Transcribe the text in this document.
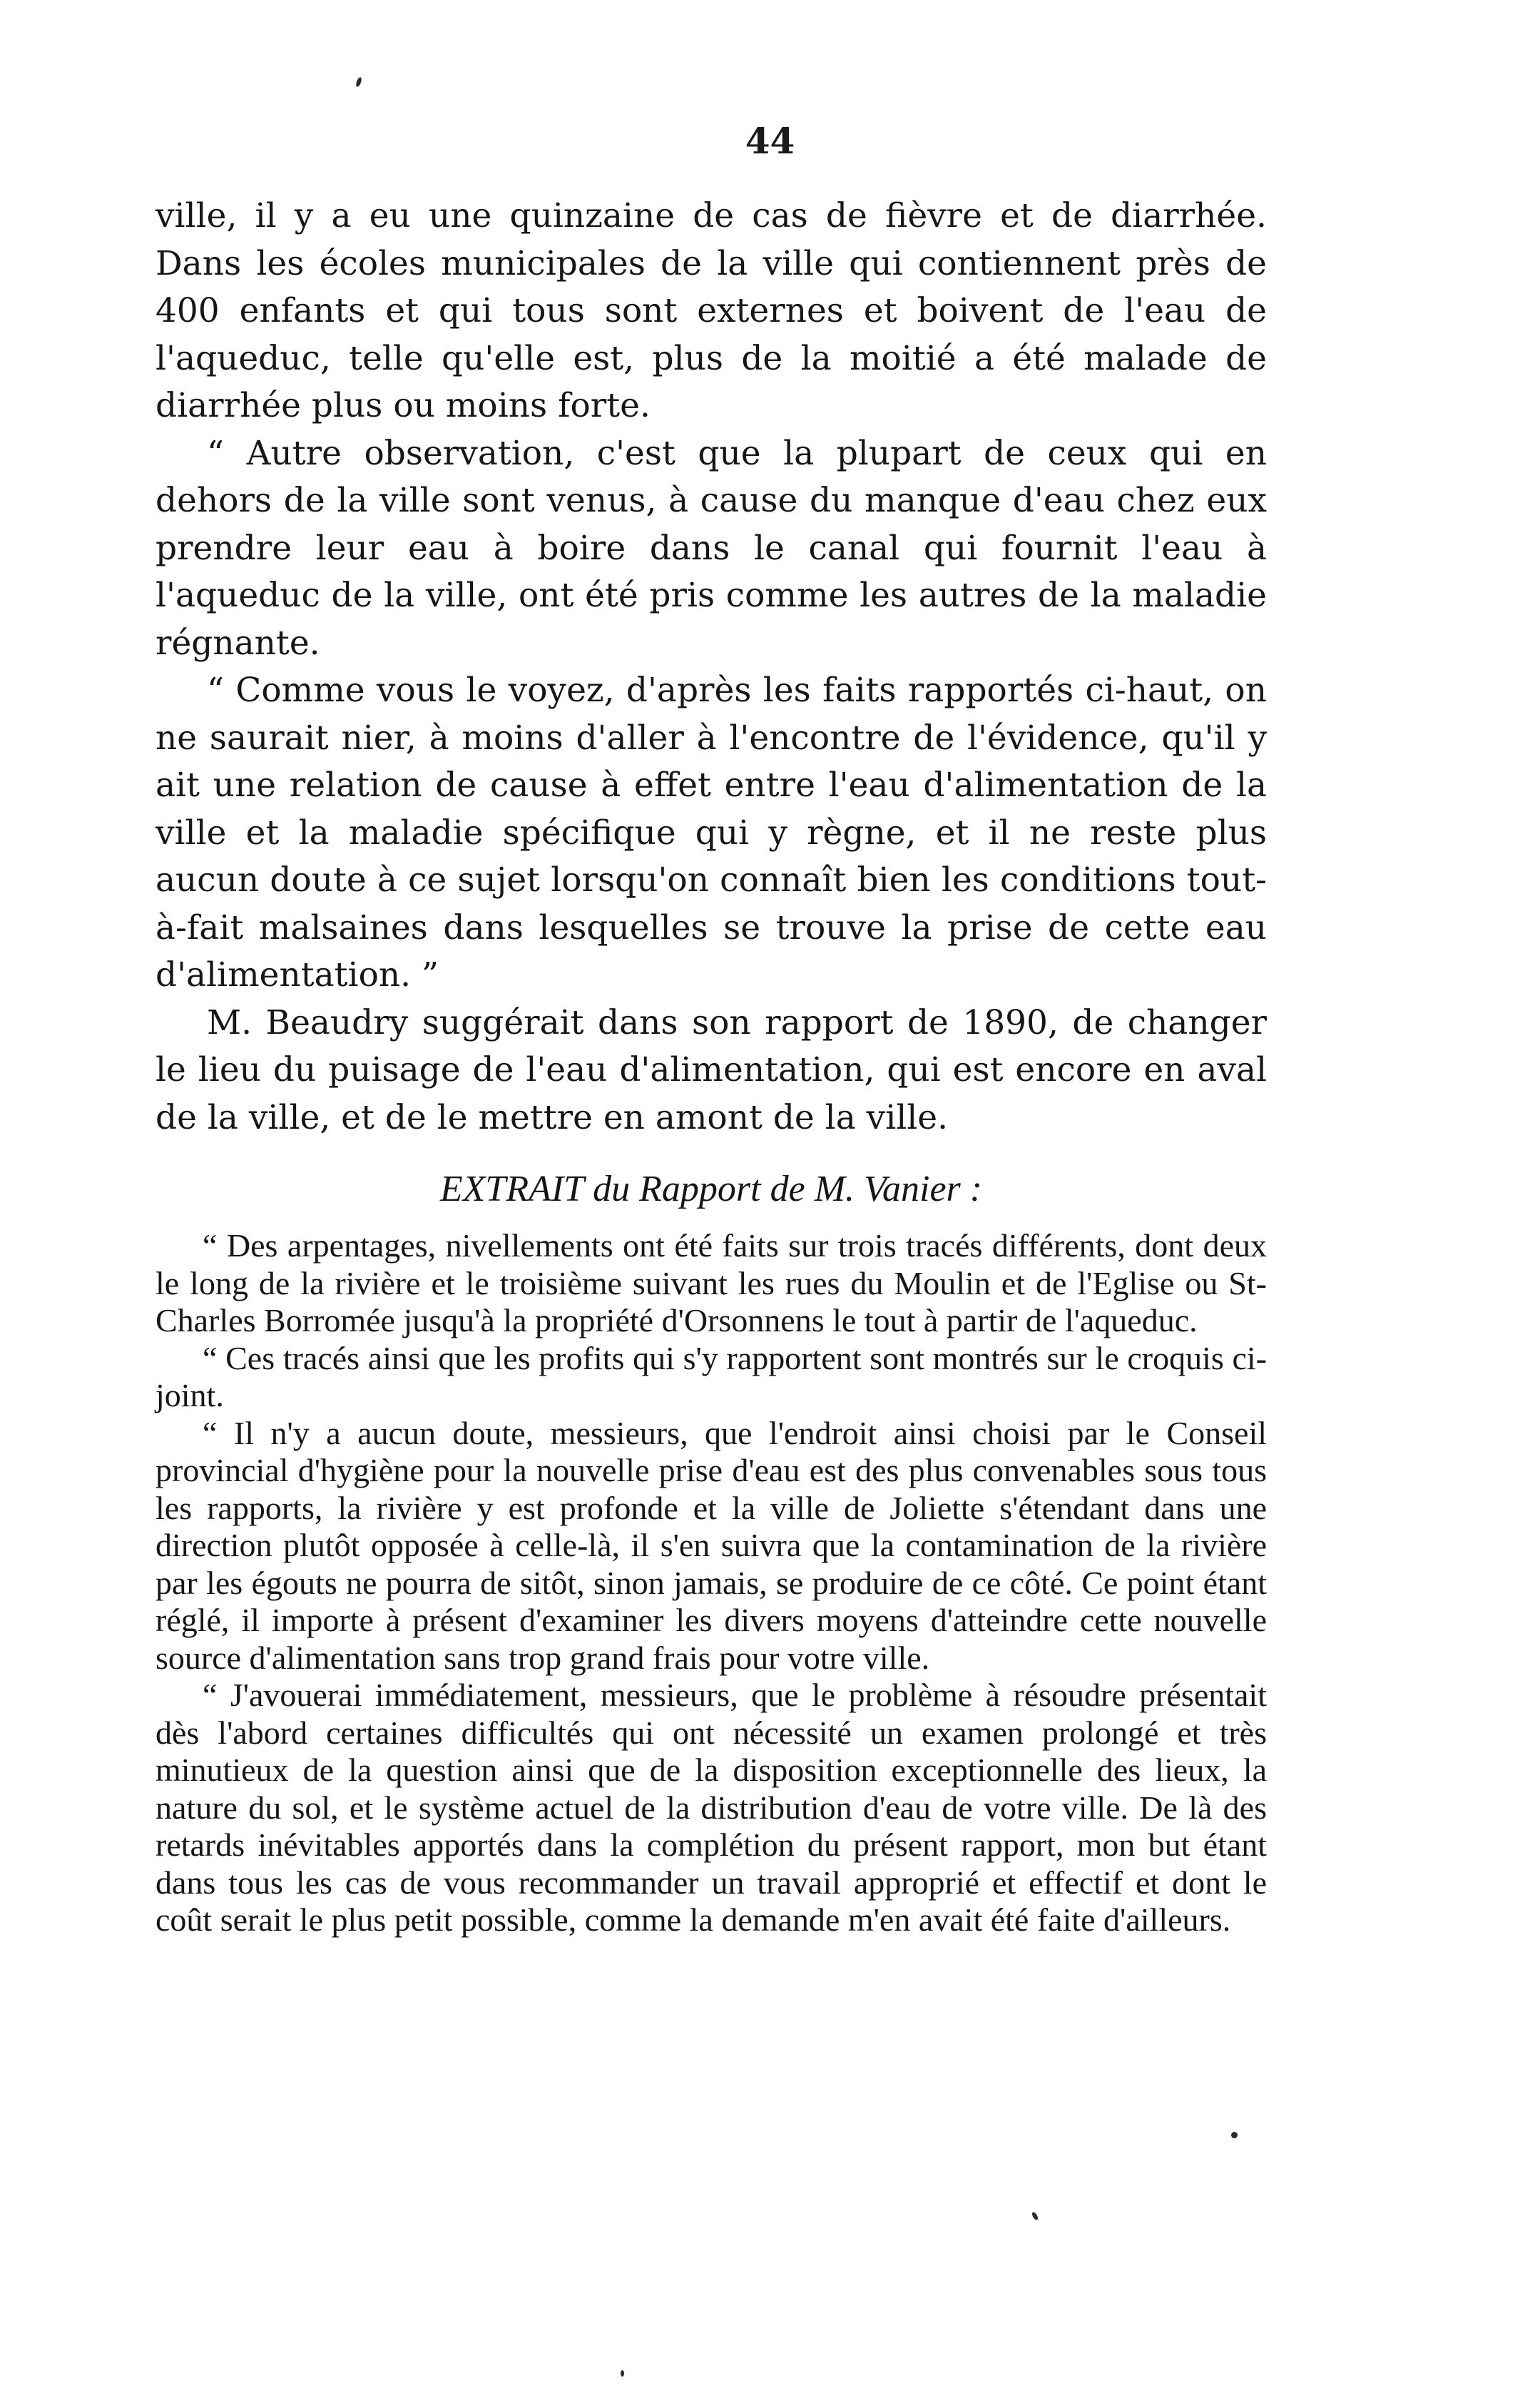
44

ville, il y a eu une quinzaine de cas de fièvre et de diarrhée. Dans les écoles municipales de la ville qui contiennent près de 400 enfants et qui tous sont externes et boivent de l'eau de l'aqueduc, telle qu'elle est, plus de la moitié a été malade de diarrhée plus ou moins forte.

“ Autre observation, c'est que la plupart de ceux qui en dehors de la ville sont venus, à cause du manque d'eau chez eux prendre leur eau à boire dans le canal qui fournit l'eau à l'aqueduc de la ville, ont été pris comme les autres de la maladie régnante.

“ Comme vous le voyez, d'après les faits rapportés ci-haut, on ne saurait nier, à moins d'aller à l'encontre de l'évidence, qu'il y ait une relation de cause à effet entre l'eau d'alimentation de la ville et la maladie spécifique qui y règne, et il ne reste plus aucun doute à ce sujet lorsqu'on connaît bien les conditions tout-à-fait malsaines dans lesquelles se trouve la prise de cette eau d'alimentation. ”

M. Beaudry suggérait dans son rapport de 1890, de changer le lieu du puisage de l'eau d'alimentation, qui est encore en aval de la ville, et de le mettre en amont de la ville.

EXTRAIT du Rapport de M. Vanier :

“ Des arpentages, nivellements ont été faits sur trois tracés différents, dont deux le long de la rivière et le troisième suivant les rues du Moulin et de l'Eglise ou St-Charles Borromée jusqu'à la propriété d'Orsonnens le tout à partir de l'aqueduc.

“ Ces tracés ainsi que les profits qui s'y rapportent sont montrés sur le croquis ci-joint.

“ Il n'y a aucun doute, messieurs, que l'endroit ainsi choisi par le Conseil provincial d'hygiène pour la nouvelle prise d'eau est des plus convenables sous tous les rapports, la rivière y est profonde et la ville de Joliette s'étendant dans une direction plutôt opposée à celle-là, il s'en suivra que la contamination de la rivière par les égouts ne pourra de sitôt, sinon jamais, se produire de ce côté. Ce point étant réglé, il importe à présent d'examiner les divers moyens d'atteindre cette nouvelle source d'alimentation sans trop grand frais pour votre ville.

“ J'avouerai immédiatement, messieurs, que le problème à résoudre présentait dès l'abord certaines difficultés qui ont nécessité un examen prolongé et très minutieux de la question ainsi que de la disposition exceptionnelle des lieux, la nature du sol, et le système actuel de la distribution d'eau de votre ville. De là des retards inévitables apportés dans la complétion du présent rapport, mon but étant dans tous les cas de vous recommander un travail approprié et effectif et dont le coût serait le plus petit possible, comme la demande m'en avait été faite d'ailleurs.
